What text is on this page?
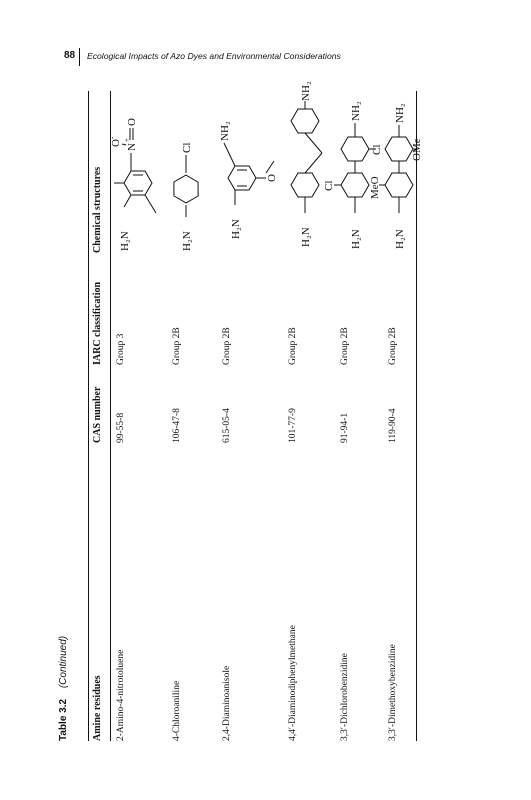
88 Ecological Impacts of Azo Dyes and Environmental Considerations
Table 3.2 (Continued)
Amine residues
CAS number
IARC classification
Chemical structures
2-Amino-4-nitrotoluene
99-55-8
Group 3
H₂N
N
+
O
-
O
4-Chloroaniline
106-47-8
Group 2B
H₂N
Cl
2,4-Diaminoanisole
615-05-4
Group 2B
H₂N
NH₂
O
4,4′-Diaminodiphenylmethane
101-77-9
Group 2B
H₂N
NH₂
3,3′-Dichlorobenzidine
91-94-1
Group 2B
H₂N
NH₂
Cl
Cl
3,3′-Dimethoxybenzidine
119-90-4
Group 2B
H₂N
NH₂
MeO
OMe
